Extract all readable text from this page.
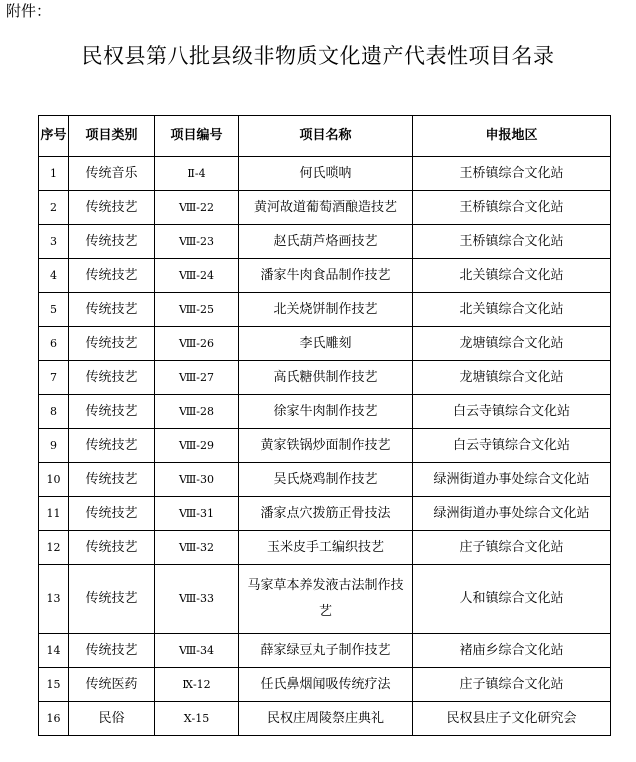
附件：
民权县第八批县级非物质文化遗产代表性项目名录
序号	项目类别	项目编号	项目名称	申报地区
1	传统音乐	Ⅱ-4	何氏唢呐	王桥镇综合文化站
2	传统技艺	Ⅷ-22	黄河故道葡萄酒酿造技艺	王桥镇综合文化站
3	传统技艺	Ⅷ-23	赵氏葫芦烙画技艺	王桥镇综合文化站
4	传统技艺	Ⅷ-24	潘家牛肉食品制作技艺	北关镇综合文化站
5	传统技艺	Ⅷ-25	北关烧饼制作技艺	北关镇综合文化站
6	传统技艺	Ⅷ-26	李氏雕刻	龙塘镇综合文化站
7	传统技艺	Ⅷ-27	高氏糖供制作技艺	龙塘镇综合文化站
8	传统技艺	Ⅷ-28	徐家牛肉制作技艺	白云寺镇综合文化站
9	传统技艺	Ⅷ-29	黄家铁锅炒面制作技艺	白云寺镇综合文化站
10	传统技艺	Ⅷ-30	吴氏烧鸡制作技艺	绿洲街道办事处综合文化站
11	传统技艺	Ⅷ-31	潘家点穴拨筋正骨技法	绿洲街道办事处综合文化站
12	传统技艺	Ⅷ-32	玉米皮手工编织技艺	庄子镇综合文化站
13	传统技艺	Ⅷ-33	马家草本养发液古法制作技艺	人和镇综合文化站
14	传统技艺	Ⅷ-34	薛家绿豆丸子制作技艺	褚庙乡综合文化站
15	传统医药	Ⅸ-12	任氏鼻烟闻吸传统疗法	庄子镇综合文化站
16	民俗	Ⅹ-15	民权庄周陵祭庄典礼	民权县庄子文化研究会
